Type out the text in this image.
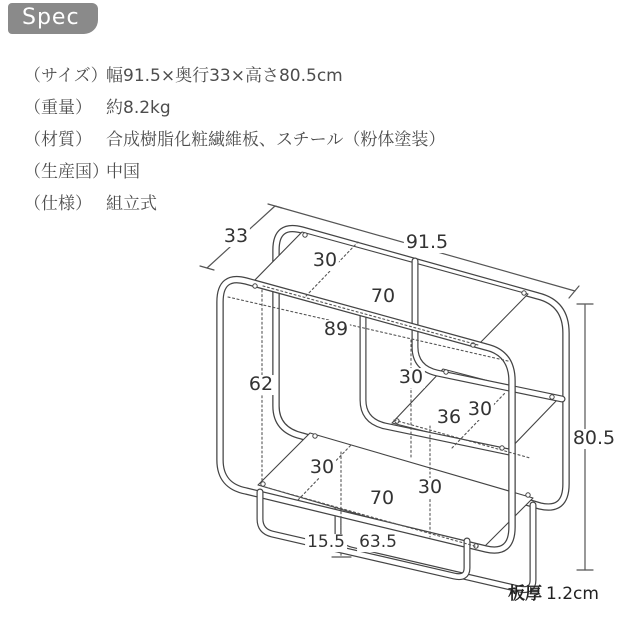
Spec
（サイズ）
幅91.5×奥行33×高さ80.5cm
（重量） 約8.2kg
（材質） 合成樹脂化粧繊維板、スチール（粉体塗装）
（生産国）
中国
（仕様） 組立式
33	91.5
30
70
89
62	30
36 30
80.5
30
70 30
15.5 63.5
板厚 1.2cm
